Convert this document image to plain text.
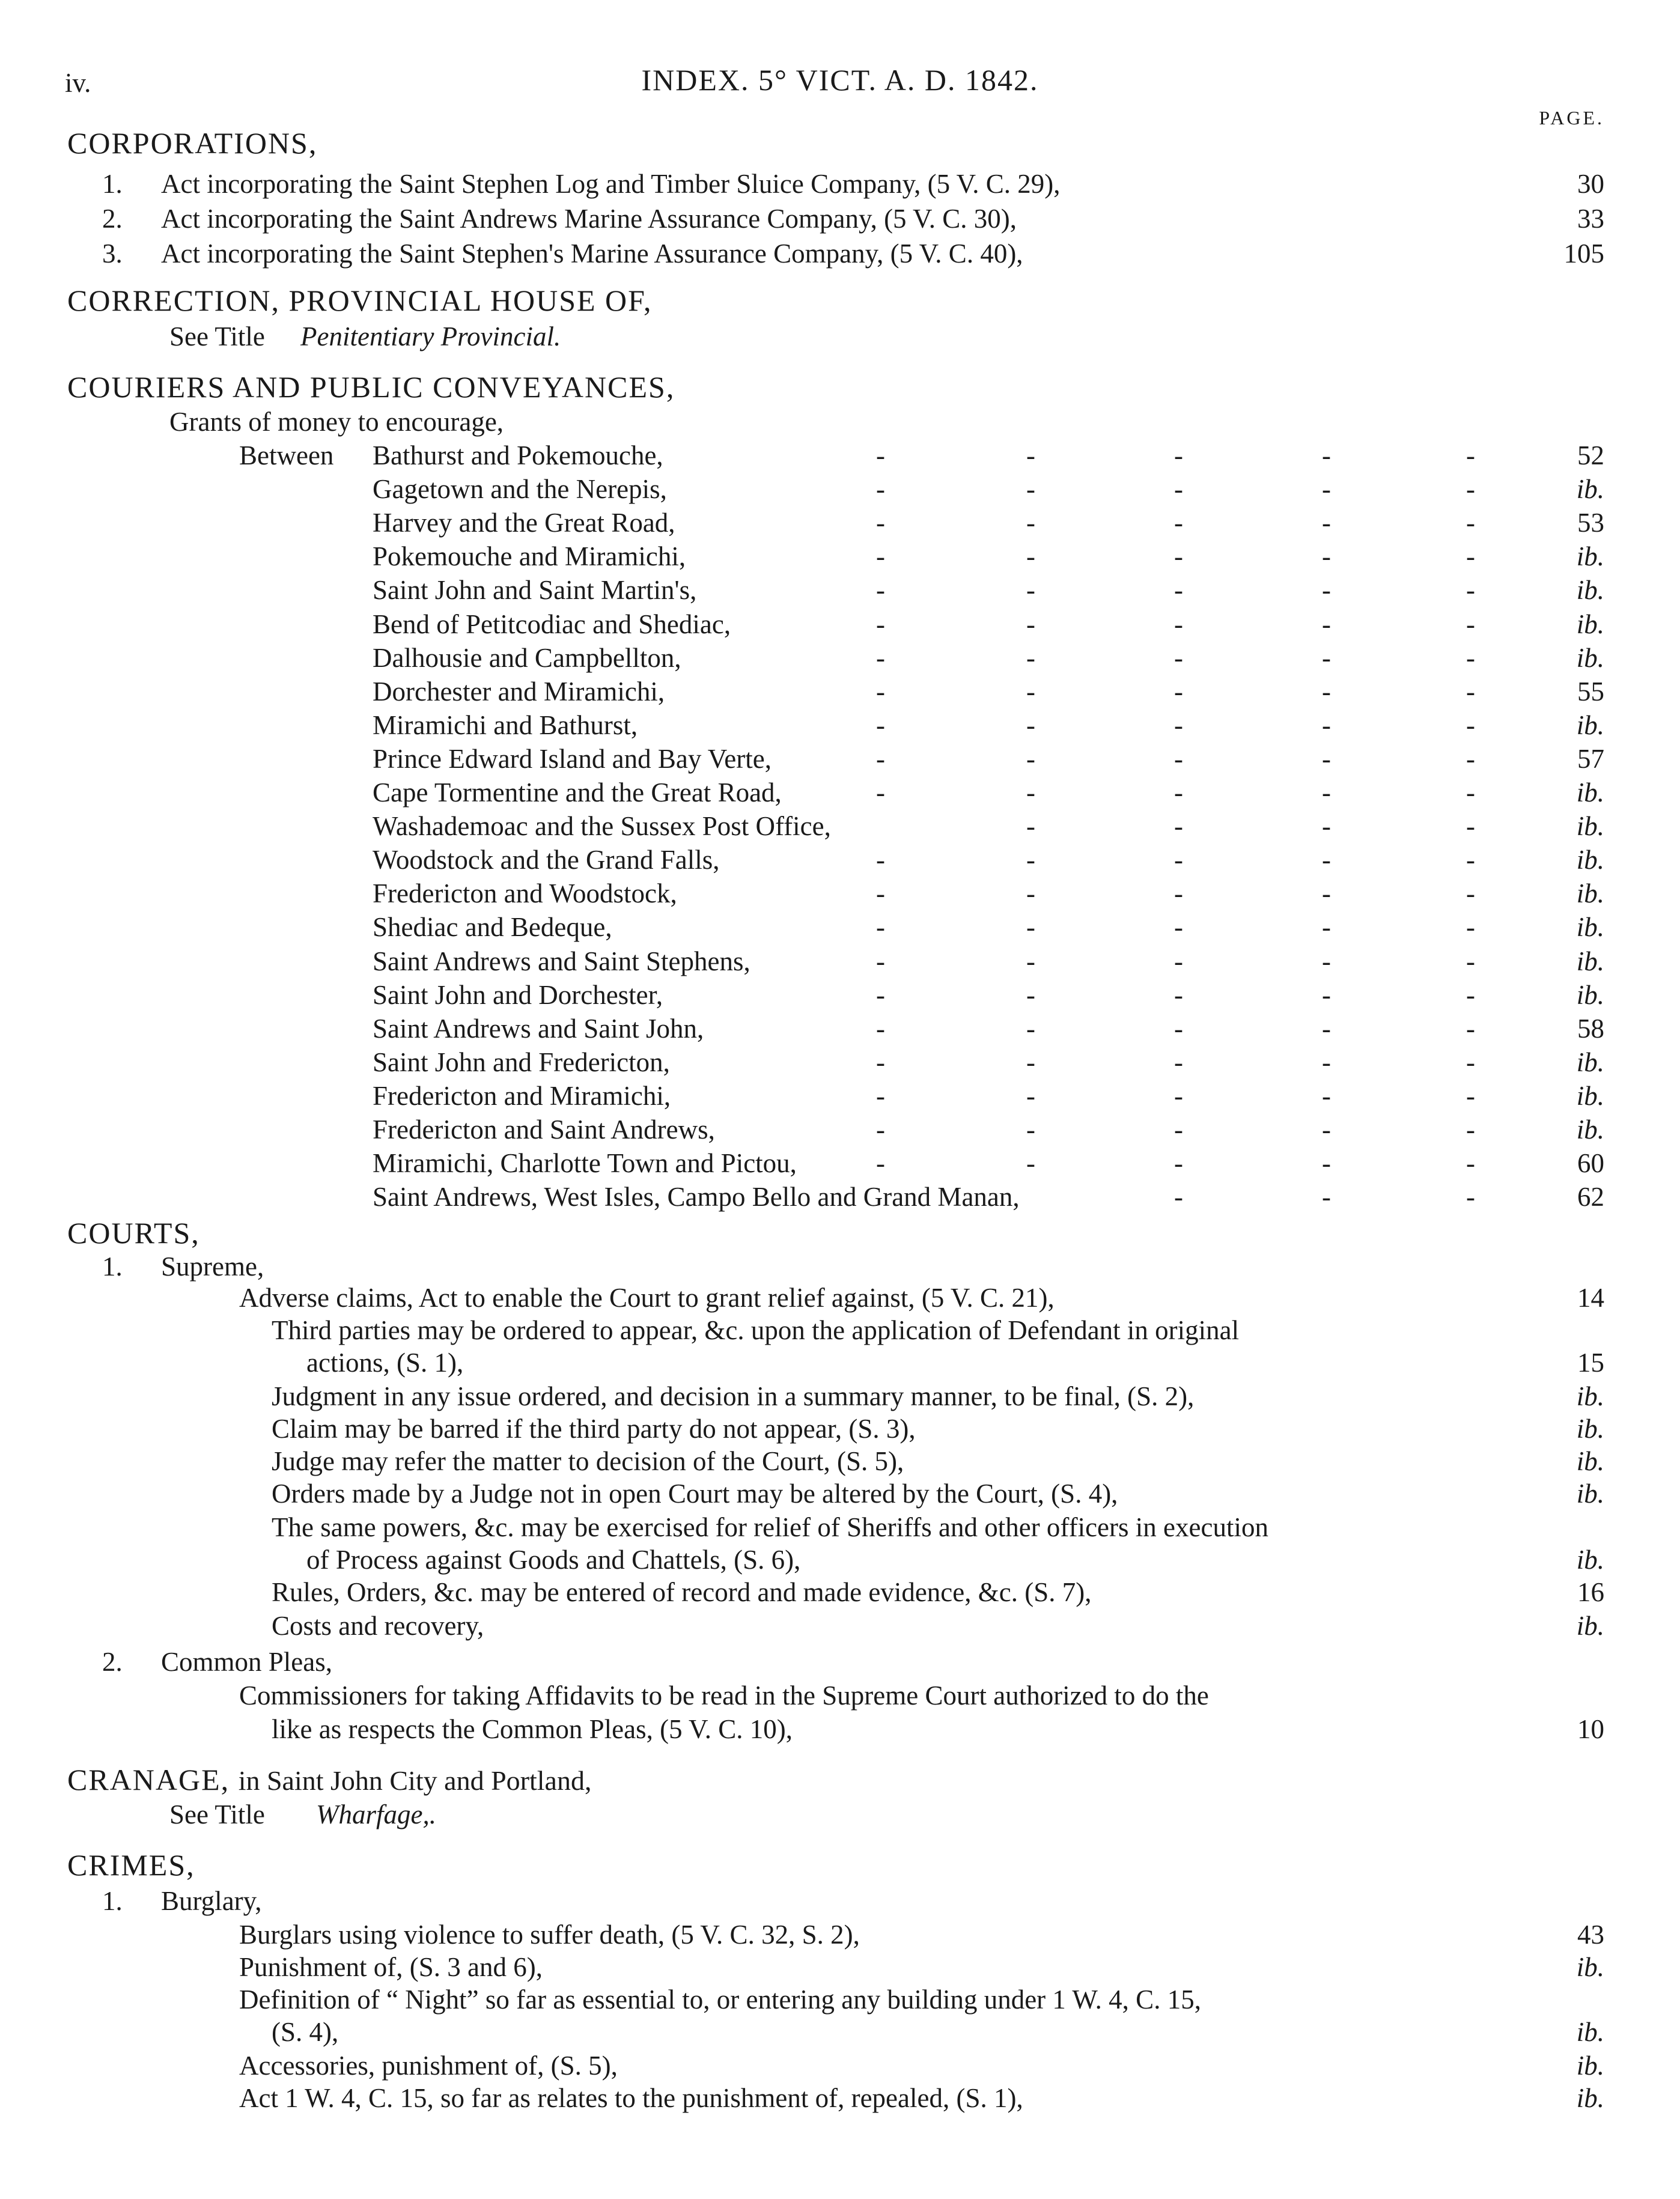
iv.	INDEX. 5° VICT. A. D. 1842.
PAGE.
CORPORATIONS,
1. Act incorporating the Saint Stephen Log and Timber Sluice Company, (5 V. C. 29),	30
2. Act incorporating the Saint Andrews Marine Assurance Company, (5 V. C. 30),	33
3. Act incorporating the Saint Stephen's Marine Assurance Company, (5 V. C. 40),	105
CORRECTION, PROVINCIAL HOUSE OF,
See Title Penitentiary Provincial.
COURIERS AND PUBLIC CONVEYANCES,
Grants of money to encourage,
Between	Bathurst and Pokemouche,	-	-	-	-	-	52
Gagetown and the Nerepis,	-	-	-	-	-	ib.
Harvey and the Great Road,	-	-	-	-	-	53
Pokemouche and Miramichi,	-	-	-	-	-	ib.
Saint John and Saint Martin's,	-	-	-	-	-	ib.
Bend of Petitcodiac and Shediac,	-	-	-	-	-	ib.
Dalhousie and Campbellton,	-	-	-	-	-	ib.
Dorchester and Miramichi,	-	-	-	-	-	55
Miramichi and Bathurst,	-	-	-	-	-	ib.
Prince Edward Island and Bay Verte,	-	-	-	-	-	57
Cape Tormentine and the Great Road,	-	-	-	-	-	ib.
Washademoac and the Sussex Post Office,	-	-	-	-	ib.
Woodstock and the Grand Falls,	-	-	-	-	-	ib.
Fredericton and Woodstock,	-	-	-	-	-	ib.
Shediac and Bedeque,	-	-	-	-	-	ib.
Saint Andrews and Saint Stephens,	-	-	-	-	-	ib.
Saint John and Dorchester,	-	-	-	-	-	ib.
Saint Andrews and Saint John,	-	-	-	-	-	58
Saint John and Fredericton,	-	-	-	-	-	ib.
Fredericton and Miramichi,	-	-	-	-	-	ib.
Fredericton and Saint Andrews,	-	-	-	-	-	ib.
Miramichi, Charlotte Town and Pictou,	-	-	-	-	-	60
Saint Andrews, West Isles, Campo Bello and Grand Manan,	-	-	-	62
COURTS,
1. Supreme,
Adverse claims, Act to enable the Court to grant relief against, (5 V. C. 21),	14
Third parties may be ordered to appear, &c. upon the application of Defendant in original
actions, (S. 1),	15
Judgment in any issue ordered, and decision in a summary manner, to be final, (S. 2),	ib.
Claim may be barred if the third party do not appear, (S. 3),	ib.
Judge may refer the matter to decision of the Court, (S. 5),	ib.
Orders made by a Judge not in open Court may be altered by the Court, (S. 4),	ib.
The same powers, &c. may be exercised for relief of Sheriffs and other officers in execution
of Process against Goods and Chattels, (S. 6),	ib.
Rules, Orders, &c. may be entered of record and made evidence, &c. (S. 7),	16
Costs and recovery,	ib.
2. Common Pleas,
Commissioners for taking Affidavits to be read in the Supreme Court authorized to do the
like as respects the Common Pleas, (5 V. C. 10),	10
CRANAGE, in Saint John City and Portland,
See Title Wharfage,.
CRIMES,
1. Burglary,
Burglars using violence to suffer death, (5 V. C. 32, S. 2),	43
Punishment of, (S. 3 and 6),	ib.
Definition of “ Night” so far as essential to, or entering any building under 1 W. 4, C. 15,
(S. 4),	ib.
Accessories, punishment of, (S. 5),	ib.
Act 1 W. 4, C. 15, so far as relates to the punishment of, repealed, (S. 1),	ib.
